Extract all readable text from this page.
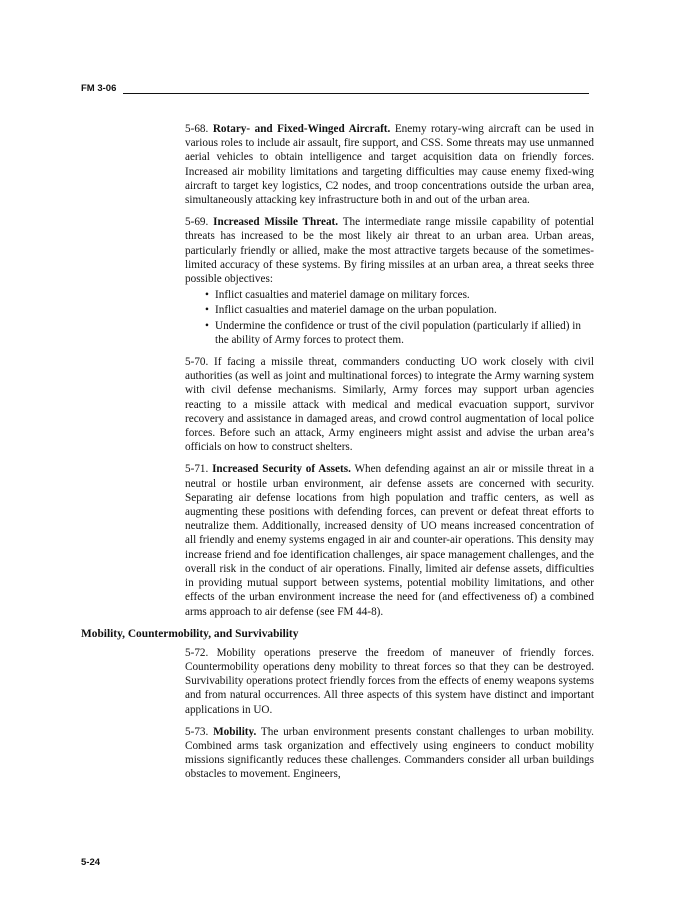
FM 3-06

5-68. Rotary- and Fixed-Winged Aircraft. Enemy rotary-wing aircraft can be used in various roles to include air assault, fire support, and CSS. Some threats may use unmanned aerial vehicles to obtain intelligence and target acquisition data on friendly forces. Increased air mobility limitations and targeting difficulties may cause enemy fixed-wing aircraft to target key logistics, C2 nodes, and troop concentrations outside the urban area, simultaneously attacking key infrastructure both in and out of the urban area.

5-69. Increased Missile Threat. The intermediate range missile capability of potential threats has increased to be the most likely air threat to an urban area. Urban areas, particularly friendly or allied, make the most attractive targets because of the sometimes-limited accuracy of these systems. By firing missiles at an urban area, a threat seeks three possible objectives:

• Inflict casualties and materiel damage on military forces.
• Inflict casualties and materiel damage on the urban population.
• Undermine the confidence or trust of the civil population (particularly if allied) in the ability of Army forces to protect them.

5-70. If facing a missile threat, commanders conducting UO work closely with civil authorities (as well as joint and multinational forces) to integrate the Army warning system with civil defense mechanisms. Similarly, Army forces may support urban agencies reacting to a missile attack with medical and medical evacuation support, survivor recovery and assistance in damaged areas, and crowd control augmentation of local police forces. Before such an attack, Army engineers might assist and advise the urban area’s officials on how to construct shelters.

5-71. Increased Security of Assets. When defending against an air or missile threat in a neutral or hostile urban environment, air defense assets are concerned with security. Separating air defense locations from high population and traffic centers, as well as augmenting these positions with defending forces, can prevent or defeat threat efforts to neutralize them. Additionally, increased density of UO means increased concentration of all friendly and enemy systems engaged in air and counter-air operations. This density may increase friend and foe identification challenges, air space management challenges, and the overall risk in the conduct of air operations. Finally, limited air defense assets, difficulties in providing mutual support between systems, potential mobility limitations, and other effects of the urban environment increase the need for (and effectiveness of) a combined arms approach to air defense (see FM 44-8).

Mobility, Countermobility, and Survivability

5-72. Mobility operations preserve the freedom of maneuver of friendly forces. Countermobility operations deny mobility to threat forces so that they can be destroyed. Survivability operations protect friendly forces from the effects of enemy weapons systems and from natural occurrences. All three aspects of this system have distinct and important applications in UO.

5-73. Mobility. The urban environment presents constant challenges to urban mobility. Combined arms task organization and effectively using engineers to conduct mobility missions significantly reduces these challenges. Commanders consider all urban buildings obstacles to movement. Engineers,

5-24
